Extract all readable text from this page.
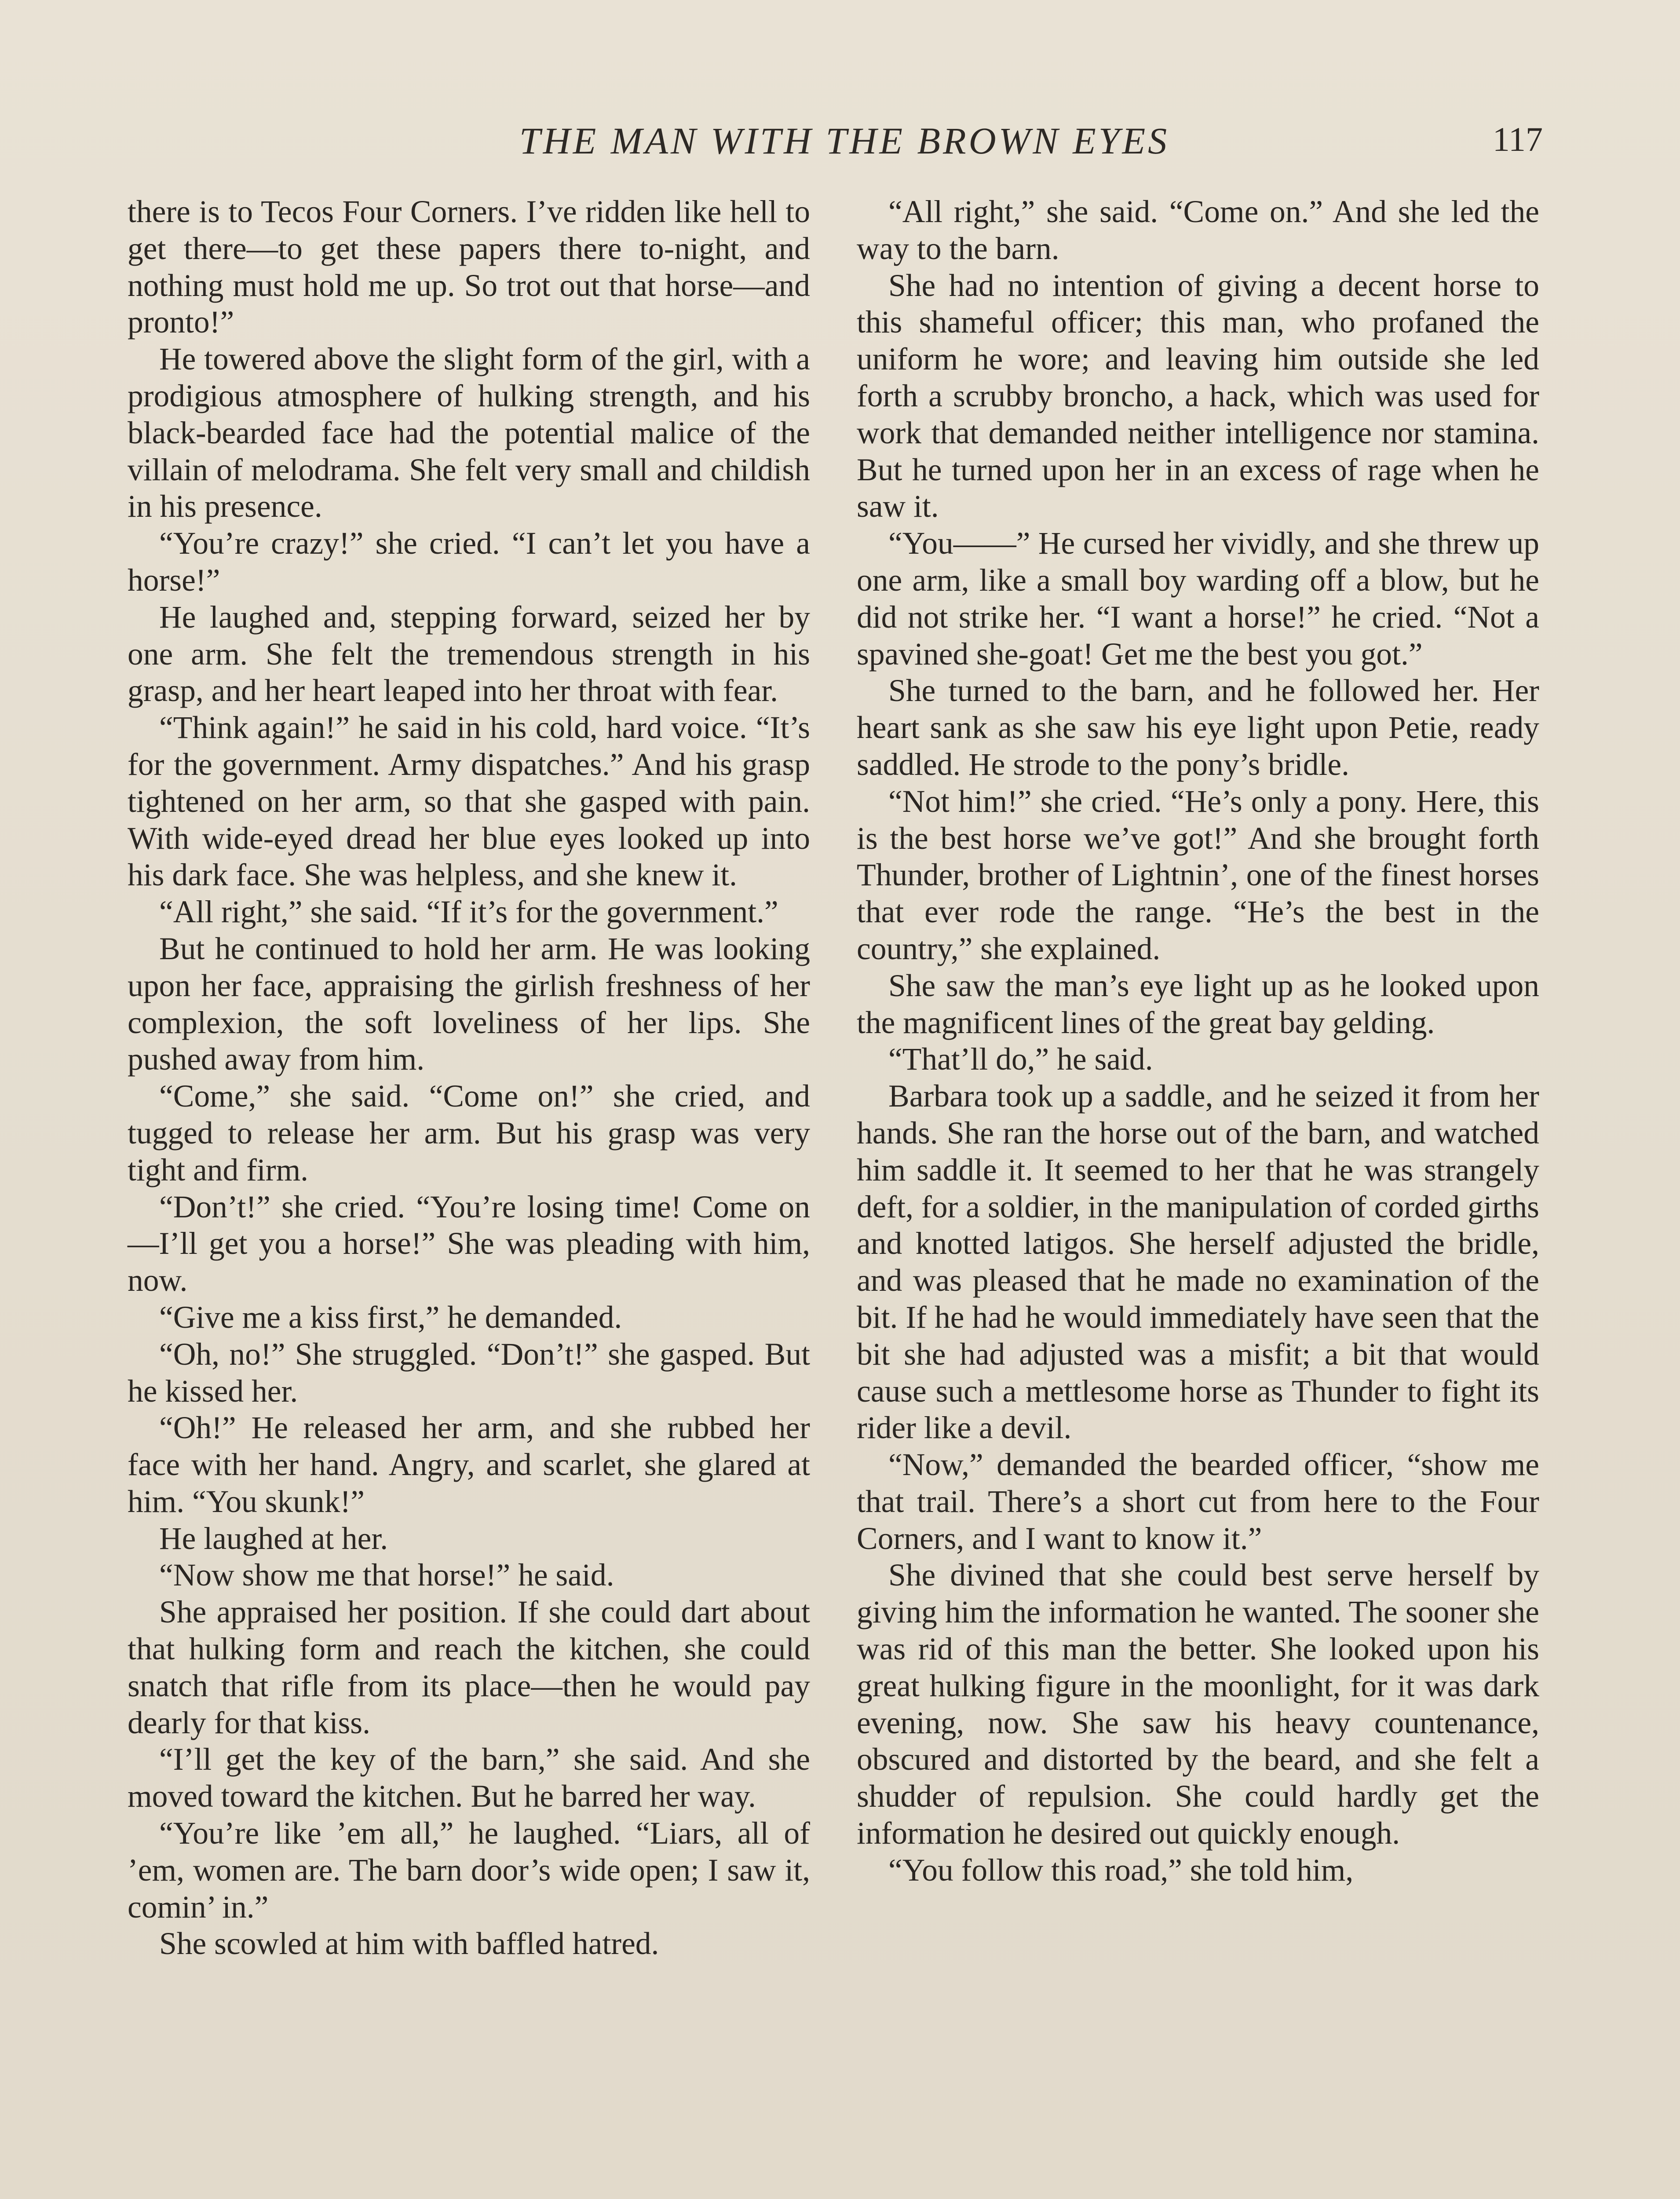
THE MAN WITH THE BROWN EYES	117

there is to Tecos Four Corners. I’ve ridden like hell to get there—to get these papers there to-night, and nothing must hold me up. So trot out that horse—and pronto!”

He towered above the slight form of the girl, with a prodigious atmosphere of hulking strength, and his black-bearded face had the potential malice of the villain of melodrama. She felt very small and childish in his presence.

“You’re crazy!” she cried. “I can’t let you have a horse!”

He laughed and, stepping forward, seized her by one arm. She felt the tremendous strength in his grasp, and her heart leaped into her throat with fear.

“Think again!” he said in his cold, hard voice. “It’s for the government. Army dispatches.” And his grasp tightened on her arm, so that she gasped with pain. With wide-eyed dread her blue eyes looked up into his dark face. She was helpless, and she knew it.

“All right,” she said. “If it’s for the government.”

But he continued to hold her arm. He was looking upon her face, appraising the girlish freshness of her complexion, the soft loveliness of her lips. She pushed away from him.

“Come,” she said. “Come on!” she cried, and tugged to release her arm. But his grasp was very tight and firm.

“Don’t!” she cried. “You’re losing time! Come on—I’ll get you a horse!” She was pleading with him, now.

“Give me a kiss first,” he demanded.

“Oh, no!” She struggled. “Don’t!” she gasped. But he kissed her.

“Oh!” He released her arm, and she rubbed her face with her hand. Angry, and scarlet, she glared at him. “You skunk!”

He laughed at her.

“Now show me that horse!” he said.

She appraised her position. If she could dart about that hulking form and reach the kitchen, she could snatch that rifle from its place—then he would pay dearly for that kiss.

“I’ll get the key of the barn,” she said. And she moved toward the kitchen. But he barred her way.

“You’re like ’em all,” he laughed. “Liars, all of ’em, women are. The barn door’s wide open; I saw it, comin’ in.”

She scowled at him with baffled hatred.

“All right,” she said. “Come on.” And she led the way to the barn.

She had no intention of giving a decent horse to this shameful officer; this man, who profaned the uniform he wore; and leaving him outside she led forth a scrubby broncho, a hack, which was used for work that demanded neither intelligence nor stamina. But he turned upon her in an excess of rage when he saw it.

“You——” He cursed her vividly, and she threw up one arm, like a small boy warding off a blow, but he did not strike her. “I want a horse!” he cried. “Not a spavined she-goat! Get me the best you got.”

She turned to the barn, and he followed her. Her heart sank as she saw his eye light upon Petie, ready saddled. He strode to the pony’s bridle.

“Not him!” she cried. “He’s only a pony. Here, this is the best horse we’ve got!” And she brought forth Thunder, brother of Lightnin’, one of the finest horses that ever rode the range. “He’s the best in the country,” she explained.

She saw the man’s eye light up as he looked upon the magnificent lines of the great bay gelding.

“That’ll do,” he said.

Barbara took up a saddle, and he seized it from her hands. She ran the horse out of the barn, and watched him saddle it. It seemed to her that he was strangely deft, for a soldier, in the manipulation of corded girths and knotted latigos. She herself adjusted the bridle, and was pleased that he made no examination of the bit. If he had he would immediately have seen that the bit she had adjusted was a misfit; a bit that would cause such a mettlesome horse as Thunder to fight its rider like a devil.

“Now,” demanded the bearded officer, “show me that trail. There’s a short cut from here to the Four Corners, and I want to know it.”

She divined that she could best serve herself by giving him the information he wanted. The sooner she was rid of this man the better. She looked upon his great hulking figure in the moonlight, for it was dark evening, now. She saw his heavy countenance, obscured and distorted by the beard, and she felt a shudder of repulsion. She could hardly get the information he desired out quickly enough.

“You follow this road,” she told him,
